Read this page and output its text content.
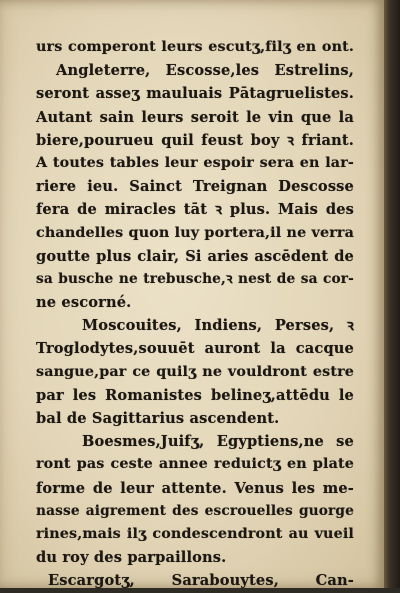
urs comperont leurs escutʒ,filʒ en ont.
Angleterre, Escosse,les Estrelins,
seront asseʒ mauluais Pātagruelistes.
Autant sain leurs seroit le vin que la
biere,pourueu quil feust boy ꝛ friant.
A toutes tables leur espoir sera en lar-
riere ieu. Sainct Treignan Descosse
fera de miracles tāt ꝛ plus. Mais des
chandelles quon luy portera,il ne verra
goutte plus clair, Si aries ascēdent de
sa busche ne trebusche,ꝛ nest de sa cor-
ne escorné.
Moscouites, Indiens, Perses, ꝛ
Troglodytes,souuēt auront la cacque
sangue,par ce quilʒ ne vouldront estre
par les Romanistes belineʒ,attēdu le
bal de Sagittarius ascendent.
Boesmes,Juifʒ, Egyptiens,ne se
ront pas ceste annee reduictʒ en plate
forme de leur attente. Venus les me-
nasse aigrement des escrouelles guorge
rines,mais ilʒ condescendront au vueil
du roy des parpaillons.
Escargotʒ, Sarabouytes, Can-
